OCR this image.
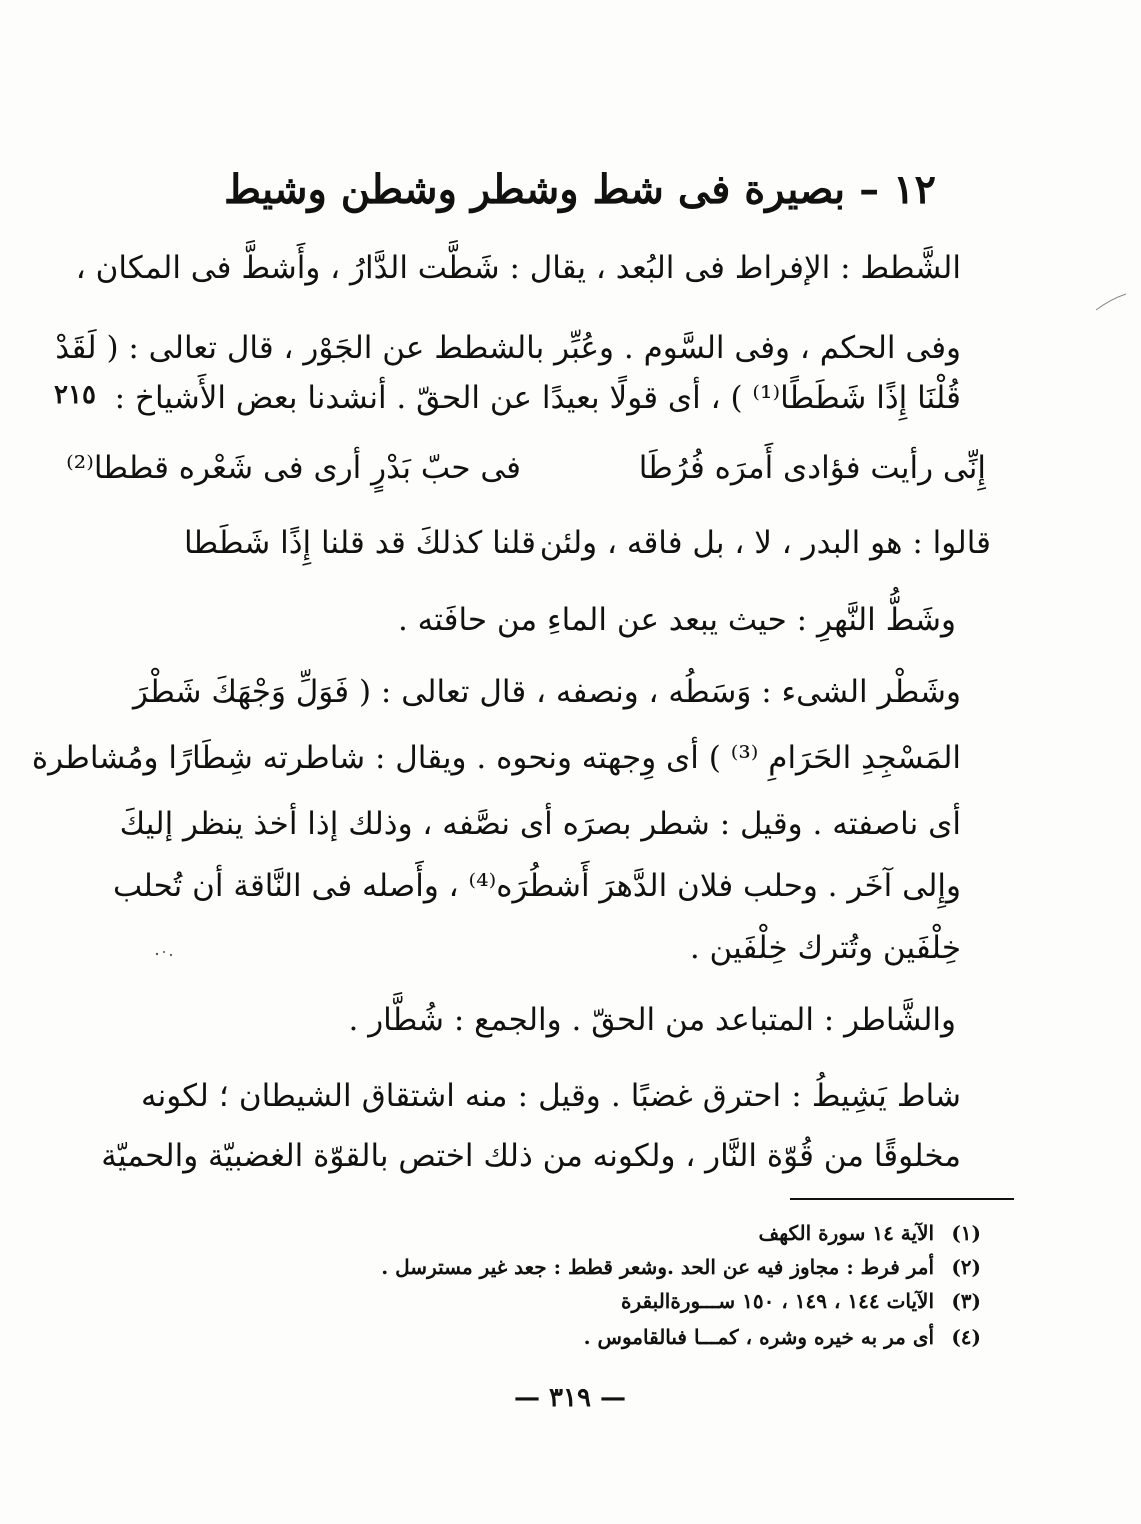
١٢ – بصيرة فى شط وشطر وشطن وشيط
٢١٥
الشَّطط : الإفراط فى البُعد ، يقال : شَطَّت الدَّارُ ، وأَشطَّ فى المكان ،
وفى الحكم ، وفى السَّوم . وعُبِّر بالشطط عن الجَوْر ، قال تعالى : ( لَقَدْ
قُلْنَا إِذًا شَطَطًا⁽¹⁾ ) ، أى قولًا بعيدًا عن الحقّ . أنشدنا بعض الأَشياخ :
إِنِّى رأيت فؤادى أَمرَه فُرُطَا
فى حبّ بَدْرٍ أرى فى شَعْره قططا⁽²⁾
قالوا : هو البدر ، لا ، بل فاقه ، ولئن
قلنا كذلكَ قد قلنا إِذًا شَطَطا
وشَطُّ النَّهرِ : حيث يبعد عن الماءِ من حافَته .
وشَطْر الشىء : وَسَطُه ، ونصفه ، قال تعالى : ( فَوَلِّ وَجْهَكَ شَطْرَ
المَسْجِدِ الحَرَامِ ⁽³⁾ ) أى وِجهته ونحوه . ويقال : شاطرته شِطَارًا ومُشاطرة
أى ناصفته . وقيل : شطر بصرَه أى نصَّفه ، وذلك إذا أخذ ينظر إليكَ
وإِلى آخَر . وحلب فلان الدَّهرَ أَشطُرَه⁽⁴⁾ ، وأَصله فى النَّاقة أن تُحلب
خِلْفَين وتُترك خِلْفَين .
والشَّاطر : المتباعد من الحقّ . والجمع : شُطَّار .
شاط يَشِيطُ : احترق غضبًا . وقيل : منه اشتقاق الشيطان ؛ لكونه
مخلوقًا من قُوّة النَّار ، ولكونه من ذلك اختص بالقوّة الغضبيّة والحميّة
(١) الآية ١٤ سورة الكهف
(٢) أمر فرط : مجاوز فيه عن الحد .وشعر قطط : جعد غير مسترسل .
(٣) الآيات ١٤٤ ، ١٤٩ ، ١٥٠ ســـورةالبقرة
(٤) أى مر به خيره وشره ، كمـــا فىالقاموس .
— ٣١٩ —
